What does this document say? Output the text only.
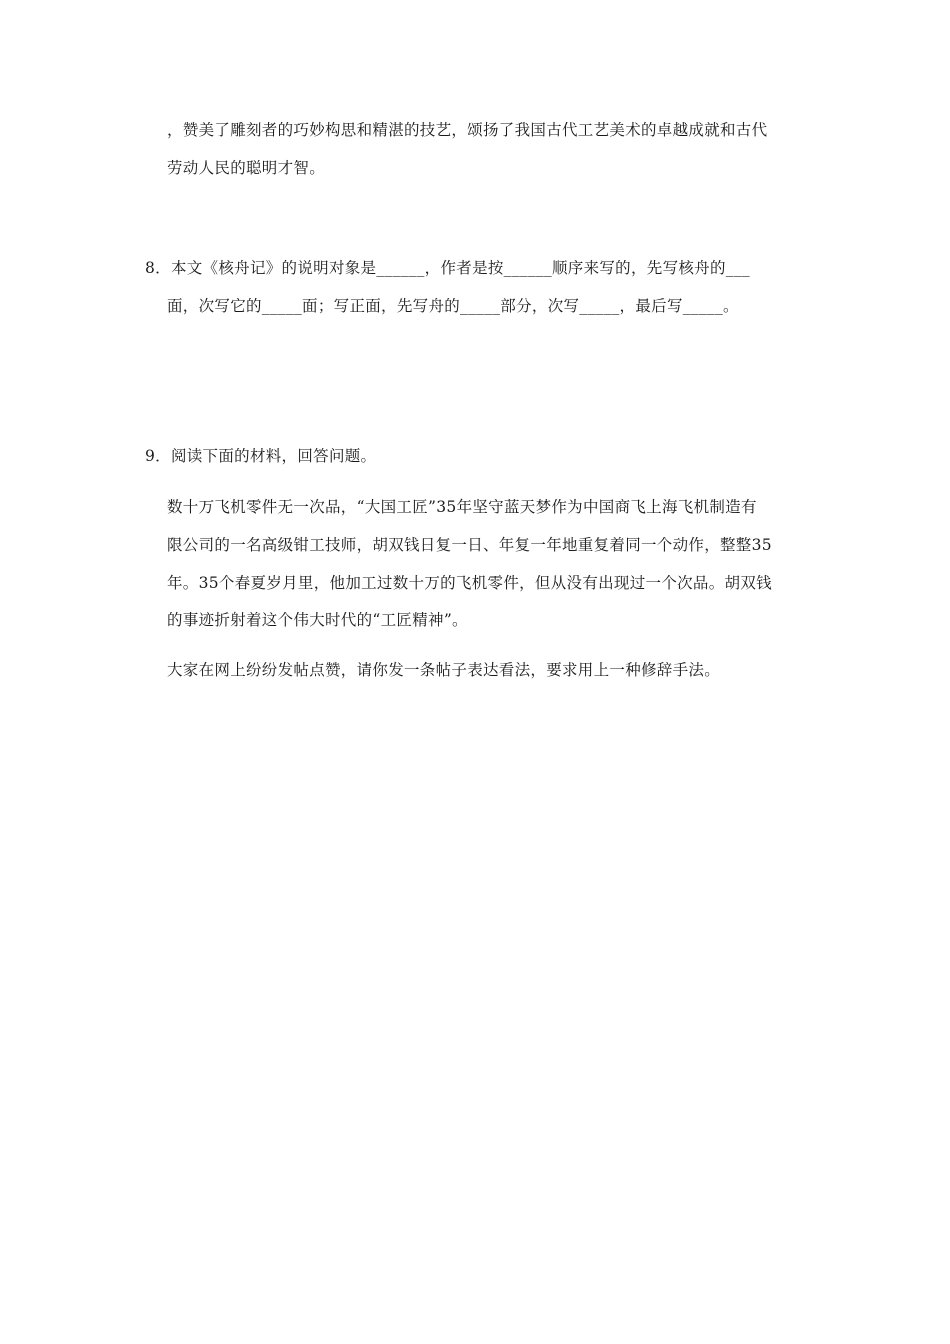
，赞美了雕刻者的巧妙构思和精湛的技艺，颂扬了我国古代工艺美术的卓越成就和古代
劳动人民的聪明才智。
8．本文《核舟记》的说明对象是______，作者是按______顺序来写的，先写核舟的___
面，次写它的_____面；写正面，先写舟的_____部分，次写_____，最后写_____。
9．阅读下面的材料，回答问题。
数十万飞机零件无一次品，“大国工匠”35年坚守蓝天梦作为中国商飞上海飞机制造有
限公司的一名高级钳工技师，胡双钱日复一日、年复一年地重复着同一个动作，整整35
年。35个春夏岁月里，他加工过数十万的飞机零件，但从没有出现过一个次品。胡双钱
的事迹折射着这个伟大时代的“工匠精神”。
大家在网上纷纷发帖点赞，请你发一条帖子表达看法，要求用上一种修辞手法。
